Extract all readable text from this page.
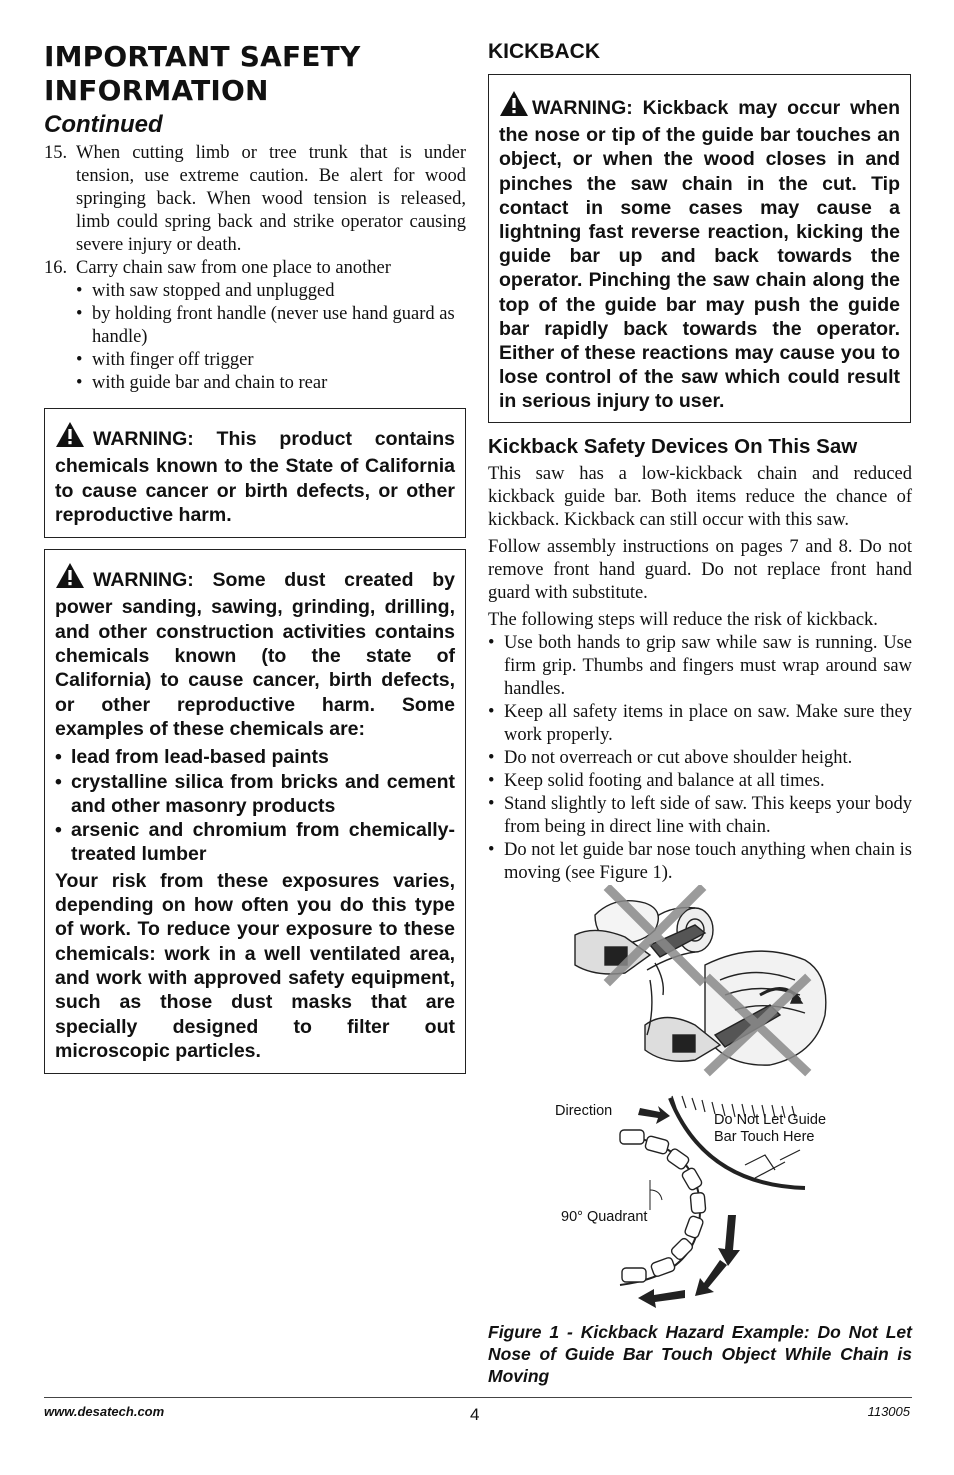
IMPORTANT SAFETY
INFORMATION
Continued
15. When cutting limb or tree trunk that is under tension, use extreme caution. Be alert for wood springing back. When wood tension is released, limb could spring back and strike operator causing severe injury or death.
16. Carry chain saw from one place to another
• with saw stopped and unplugged
• by holding front handle (never use hand guard as handle)
• with finger off trigger
• with guide bar and chain to rear
WARNING: This product contains chemicals known to the State of California to cause cancer or birth defects, or other reproductive harm.
WARNING: Some dust created by power sanding, sawing, grinding, drilling, and other construction activities contains chemicals known (to the state of California) to cause cancer, birth defects, or other reproductive harm. Some examples of these chemicals are:
• lead from lead-based paints
• crystalline silica from bricks and cement and other masonry products
• arsenic and chromium from chemically-treated lumber
Your risk from these exposures varies, depending on how often you do this type of work. To reduce your exposure to these chemicals: work in a well ventilated area, and work with approved safety equipment, such as those dust masks that are specially designed to filter out microscopic particles.
KICKBACK
WARNING: Kickback may occur when the nose or tip of the guide bar touches an object, or when the wood closes in and pinches the saw chain in the cut. Tip contact in some cases may cause a lightning fast reverse reaction, kicking the guide bar up and back towards the operator. Pinching the saw chain along the top of the guide bar may push the guide bar rapidly back towards the operator. Either of these reactions may cause you to lose control of the saw which could result in serious injury to user.
Kickback Safety Devices On This Saw

This saw has a low-kickback chain and reduced kickback guide bar. Both items reduce the chance of kickback. Kickback can still occur with this saw.

Follow assembly instructions on pages 7 and 8. Do not remove front hand guard. Do not replace front hand guard with substitute.

The following steps will reduce the risk of kickback.

• Use both hands to grip saw while saw is running. Use firm grip. Thumbs and fingers must wrap around saw handles.
• Keep all safety items in place on saw. Make sure they work properly.
• Do not overreach or cut above shoulder height.
• Keep solid footing and balance at all times.
• Stand slightly to left side of saw. This keeps your body from being in direct line with chain.
• Do not let guide bar nose touch anything when chain is moving (see Figure 1).
Direction
Do Not Let Guide
Bar Touch Here
90° Quadrant
Figure 1 - Kickback Hazard Example: Do Not Let Nose of Guide Bar Touch Object While Chain is Moving
www.desatech.com	4	113005
